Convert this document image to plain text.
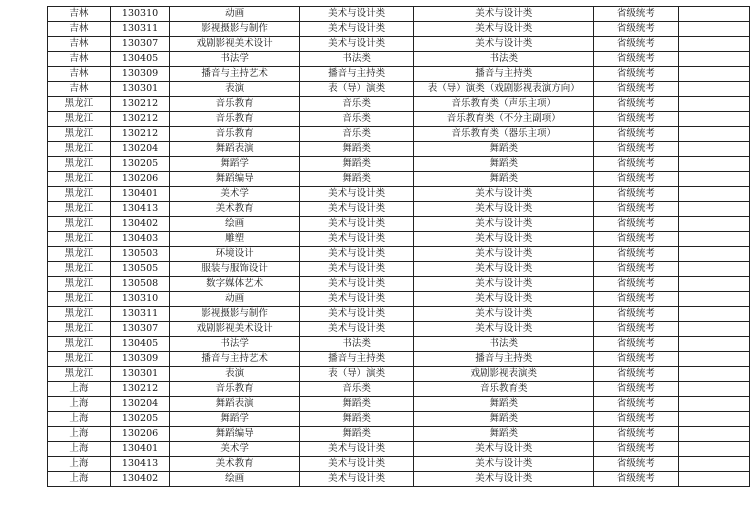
吉林	130310	动画	美术与设计类	美术与设计类	省级统考	
吉林	130311	影视摄影与制作	美术与设计类	美术与设计类	省级统考	
吉林	130307	戏剧影视美术设计	美术与设计类	美术与设计类	省级统考	
吉林	130405	书法学	书法类	书法类	省级统考	
吉林	130309	播音与主持艺术	播音与主持类	播音与主持类	省级统考	
吉林	130301	表演	表（导）演类	表（导）演类（戏剧影视表演方向）	省级统考	
黑龙江	130212	音乐教育	音乐类	音乐教育类（声乐主项）	省级统考	
黑龙江	130212	音乐教育	音乐类	音乐教育类（不分主副项）	省级统考	
黑龙江	130212	音乐教育	音乐类	音乐教育类（器乐主项）	省级统考	
黑龙江	130204	舞蹈表演	舞蹈类	舞蹈类	省级统考	
黑龙江	130205	舞蹈学	舞蹈类	舞蹈类	省级统考	
黑龙江	130206	舞蹈编导	舞蹈类	舞蹈类	省级统考	
黑龙江	130401	美术学	美术与设计类	美术与设计类	省级统考	
黑龙江	130413	美术教育	美术与设计类	美术与设计类	省级统考	
黑龙江	130402	绘画	美术与设计类	美术与设计类	省级统考	
黑龙江	130403	雕塑	美术与设计类	美术与设计类	省级统考	
黑龙江	130503	环境设计	美术与设计类	美术与设计类	省级统考	
黑龙江	130505	服装与服饰设计	美术与设计类	美术与设计类	省级统考	
黑龙江	130508	数字媒体艺术	美术与设计类	美术与设计类	省级统考	
黑龙江	130310	动画	美术与设计类	美术与设计类	省级统考	
黑龙江	130311	影视摄影与制作	美术与设计类	美术与设计类	省级统考	
黑龙江	130307	戏剧影视美术设计	美术与设计类	美术与设计类	省级统考	
黑龙江	130405	书法学	书法类	书法类	省级统考	
黑龙江	130309	播音与主持艺术	播音与主持类	播音与主持类	省级统考	
黑龙江	130301	表演	表（导）演类	戏剧影视表演类	省级统考	
上海	130212	音乐教育	音乐类	音乐教育类	省级统考	
上海	130204	舞蹈表演	舞蹈类	舞蹈类	省级统考	
上海	130205	舞蹈学	舞蹈类	舞蹈类	省级统考	
上海	130206	舞蹈编导	舞蹈类	舞蹈类	省级统考	
上海	130401	美术学	美术与设计类	美术与设计类	省级统考	
上海	130413	美术教育	美术与设计类	美术与设计类	省级统考	
上海	130402	绘画	美术与设计类	美术与设计类	省级统考	
